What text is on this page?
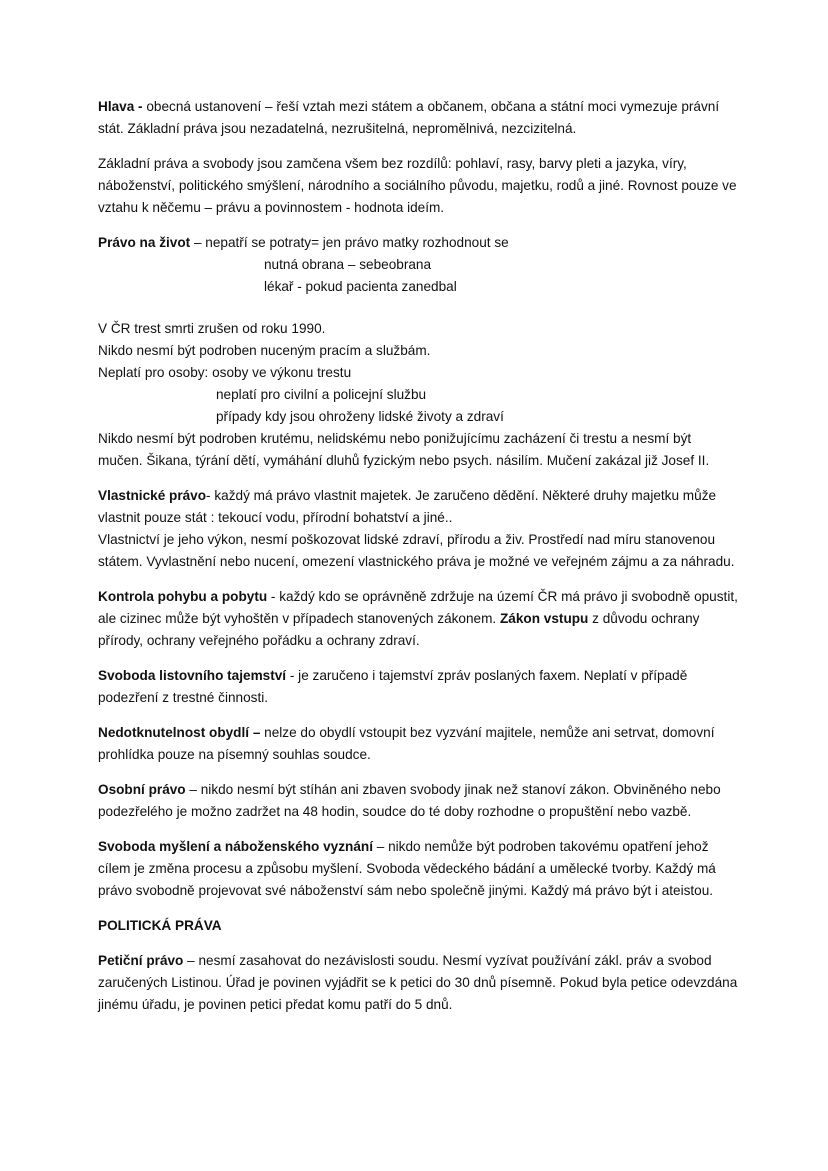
Hlava - obecná ustanovení – řeší vztah mezi státem a občanem, občana a státní moci vymezuje právní stát. Základní práva jsou nezadatelná, nezrušitelná, nepromělnivá, nezcizitelná.

Základní práva a svobody jsou zamčena všem bez rozdílů: pohlaví, rasy, barvy pleti a jazyka, víry, náboženství, politického smýšlení, národního a sociálního původu, majetku, rodů a jiné. Rovnost pouze ve vztahu k něčemu – právu a povinnostem - hodnota ideím.

Právo na život – nepatří se potraty= jen právo matky rozhodnout se

nutná obrana – sebeobrana

lékař - pokud pacienta zanedbal

V ČR trest smrti zrušen od roku 1990.

Nikdo nesmí být podroben nuceným pracím a službám.

Neplatí pro osoby: osoby ve výkonu trestu

neplatí pro civilní a policejní službu

případy kdy jsou ohroženy lidské životy a zdraví

Nikdo nesmí být podroben krutému, nelidskému nebo ponižujícímu zacházení či trestu a nesmí být mučen. Šikana, týrání dětí, vymáhání dluhů fyzickým nebo psych. násilím. Mučení zakázal již Josef II.

Vlastnické právo- každý má právo vlastnit majetek. Je zaručeno dědění. Některé druhy majetku může vlastnit pouze stát : tekoucí vodu, přírodní bohatství a jiné..

Vlastnictví je jeho výkon, nesmí poškozovat lidské zdraví, přírodu a živ. Prostředí nad míru stanovenou státem. Vyvlastnění nebo nucení, omezení vlastnického práva je možné ve veřejném zájmu a za náhradu.

Kontrola pohybu a pobytu - každý kdo se oprávněně zdržuje na území ČR má právo ji svobodně opustit, ale cizinec může být vyhoštěn v případech stanovených zákonem. Zákon vstupu z důvodu ochrany přírody, ochrany veřejného pořádku a ochrany zdraví.

Svoboda listovního tajemství - je zaručeno i tajemství zpráv poslaných faxem. Neplatí v případě podezření z trestné činnosti.

Nedotknutelnost obydlí – nelze do obydlí vstoupit bez vyzvání majitele, nemůže ani setrvat, domovní prohlídka pouze na písemný souhlas soudce.

Osobní právo – nikdo nesmí být stíhán ani zbaven svobody jinak než stanoví zákon. Obviněného nebo podezřelého je možno zadržet na 48 hodin, soudce do té doby rozhodne o propuštění nebo vazbě.

Svoboda myšlení a náboženského vyznání – nikdo nemůže být podroben takovému opatření jehož cílem je změna procesu a způsobu myšlení. Svoboda vědeckého bádání a umělecké tvorby. Každý má právo svobodně projevovat své náboženství sám nebo společně jinými. Každý má právo být i ateistou.

POLITICKÁ PRÁVA

Petiční právo – nesmí zasahovat do nezávislosti soudu. Nesmí vyzívat používání zákl. práv a svobod zaručených Listinou. Úřad je povinen vyjádřit se k petici do 30 dnů písemně. Pokud byla petice odevzdána jinému úřadu, je povinen petici předat komu patří do 5 dnů.
